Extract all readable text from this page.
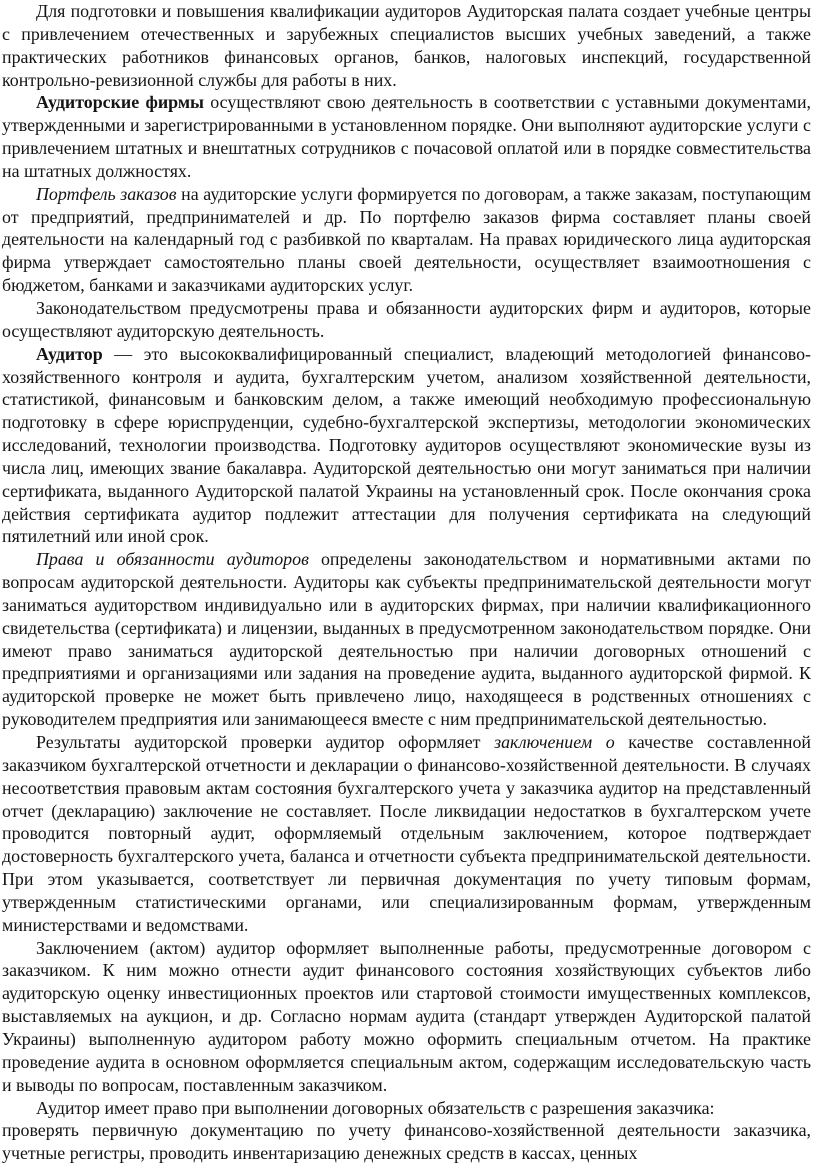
Для подготовки и повышения квалификации аудиторов Аудиторская палата создает учебные центры с привлечением отечественных и зарубежных специалистов высших учебных заведений, а также практических работников финансовых органов, банков, налоговых инспекций, государственной контрольно-ревизионной службы для работы в них.

Аудиторские фирмы осуществляют свою деятельность в соответствии с уставными документами, утвержденными и зарегистрированными в установленном порядке. Они выполняют аудиторские услуги с привлечением штатных и внештатных сотрудников с почасовой оплатой или в порядке совместительства на штатных должностях.

Портфель заказов на аудиторские услуги формируется по договорам, а также заказам, поступающим от предприятий, предпринимателей и др. По портфелю заказов фирма составляет планы своей деятельности на календарный год с разбивкой по кварталам. На правах юридического лица аудиторская фирма утверждает самостоятельно планы своей деятельности, осуществляет взаимоотношения с бюджетом, банками и заказчиками аудиторских услуг.

Законодательством предусмотрены права и обязанности аудиторских фирм и аудиторов, которые осуществляют аудиторскую деятельность.

Аудитор — это высококвалифицированный специалист, владеющий методологией финансово-хозяйственного контроля и аудита, бухгалтерским учетом, анализом хозяйственной деятельности, статистикой, финансовым и банковским делом, а также имеющий необходимую профессиональную подготовку в сфере юриспруденции, судебно-бухгалтерской экспертизы, методологии экономических исследований, технологии производства. Подготовку аудиторов осуществляют экономические вузы из числа лиц, имеющих звание бакалавра. Аудиторской деятельностью они могут заниматься при наличии сертификата, выданного Аудиторской палатой Украины на установленный срок. После окончания срока действия сертификата аудитор подлежит аттестации для получения сертификата на следующий пятилетний или иной срок.

Права и обязанности аудиторов определены законодательством и нормативными актами по вопросам аудиторской деятельности. Аудиторы как субъекты предпринимательской деятельности могут заниматься аудиторством индивидуально или в аудиторских фирмах, при наличии квалификационного свидетельства (сертификата) и лицензии, выданных в предусмотренном законодательством порядке. Они имеют право заниматься аудиторской деятельностью при наличии договорных отношений с предприятиями и организациями или задания на проведение аудита, выданного аудиторской фирмой. К аудиторской проверке не может быть привлечено лицо, находящееся в родственных отношениях с руководителем предприятия или занимающееся вместе с ним предпринимательской деятельностью.

Результаты аудиторской проверки аудитор оформляет заключением о качестве составленной заказчиком бухгалтерской отчетности и декларации о финансово-хозяйственной деятельности. В случаях несоответствия правовым актам состояния бухгалтерского учета у заказчика аудитор на представленный отчет (декларацию) заключение не составляет. После ликвидации недостатков в бухгалтерском учете проводится повторный аудит, оформляемый отдельным заключением, которое подтверждает достоверность бухгалтерского учета, баланса и отчетности субъекта предпринимательской деятельности. При этом указывается, соответствует ли первичная документация по учету типовым формам, утвержденным статистическими органами, или специализированным формам, утвержденным министерствами и ведомствами.

Заключением (актом) аудитор оформляет выполненные работы, предусмотренные договором с заказчиком. К ним можно отнести аудит финансового состояния хозяйствующих субъектов либо аудиторскую оценку инвестиционных проектов или стартовой стоимости имущественных комплексов, выставляемых на аукцион, и др. Согласно нормам аудита (стандарт утвержден Аудиторской палатой Украины) выполненную аудитором работу можно оформить специальным отчетом. На практике проведение аудита в основном оформляется специальным актом, содержащим исследовательскую часть и выводы по вопросам, поставленным заказчиком.

Аудитор имеет право при выполнении договорных обязательств с разрешения заказчика:

проверять первичную документацию по учету финансово-хозяйственной деятельности заказчика, учетные регистры, проводить инвентаризацию денежных средств в кассах, ценных
